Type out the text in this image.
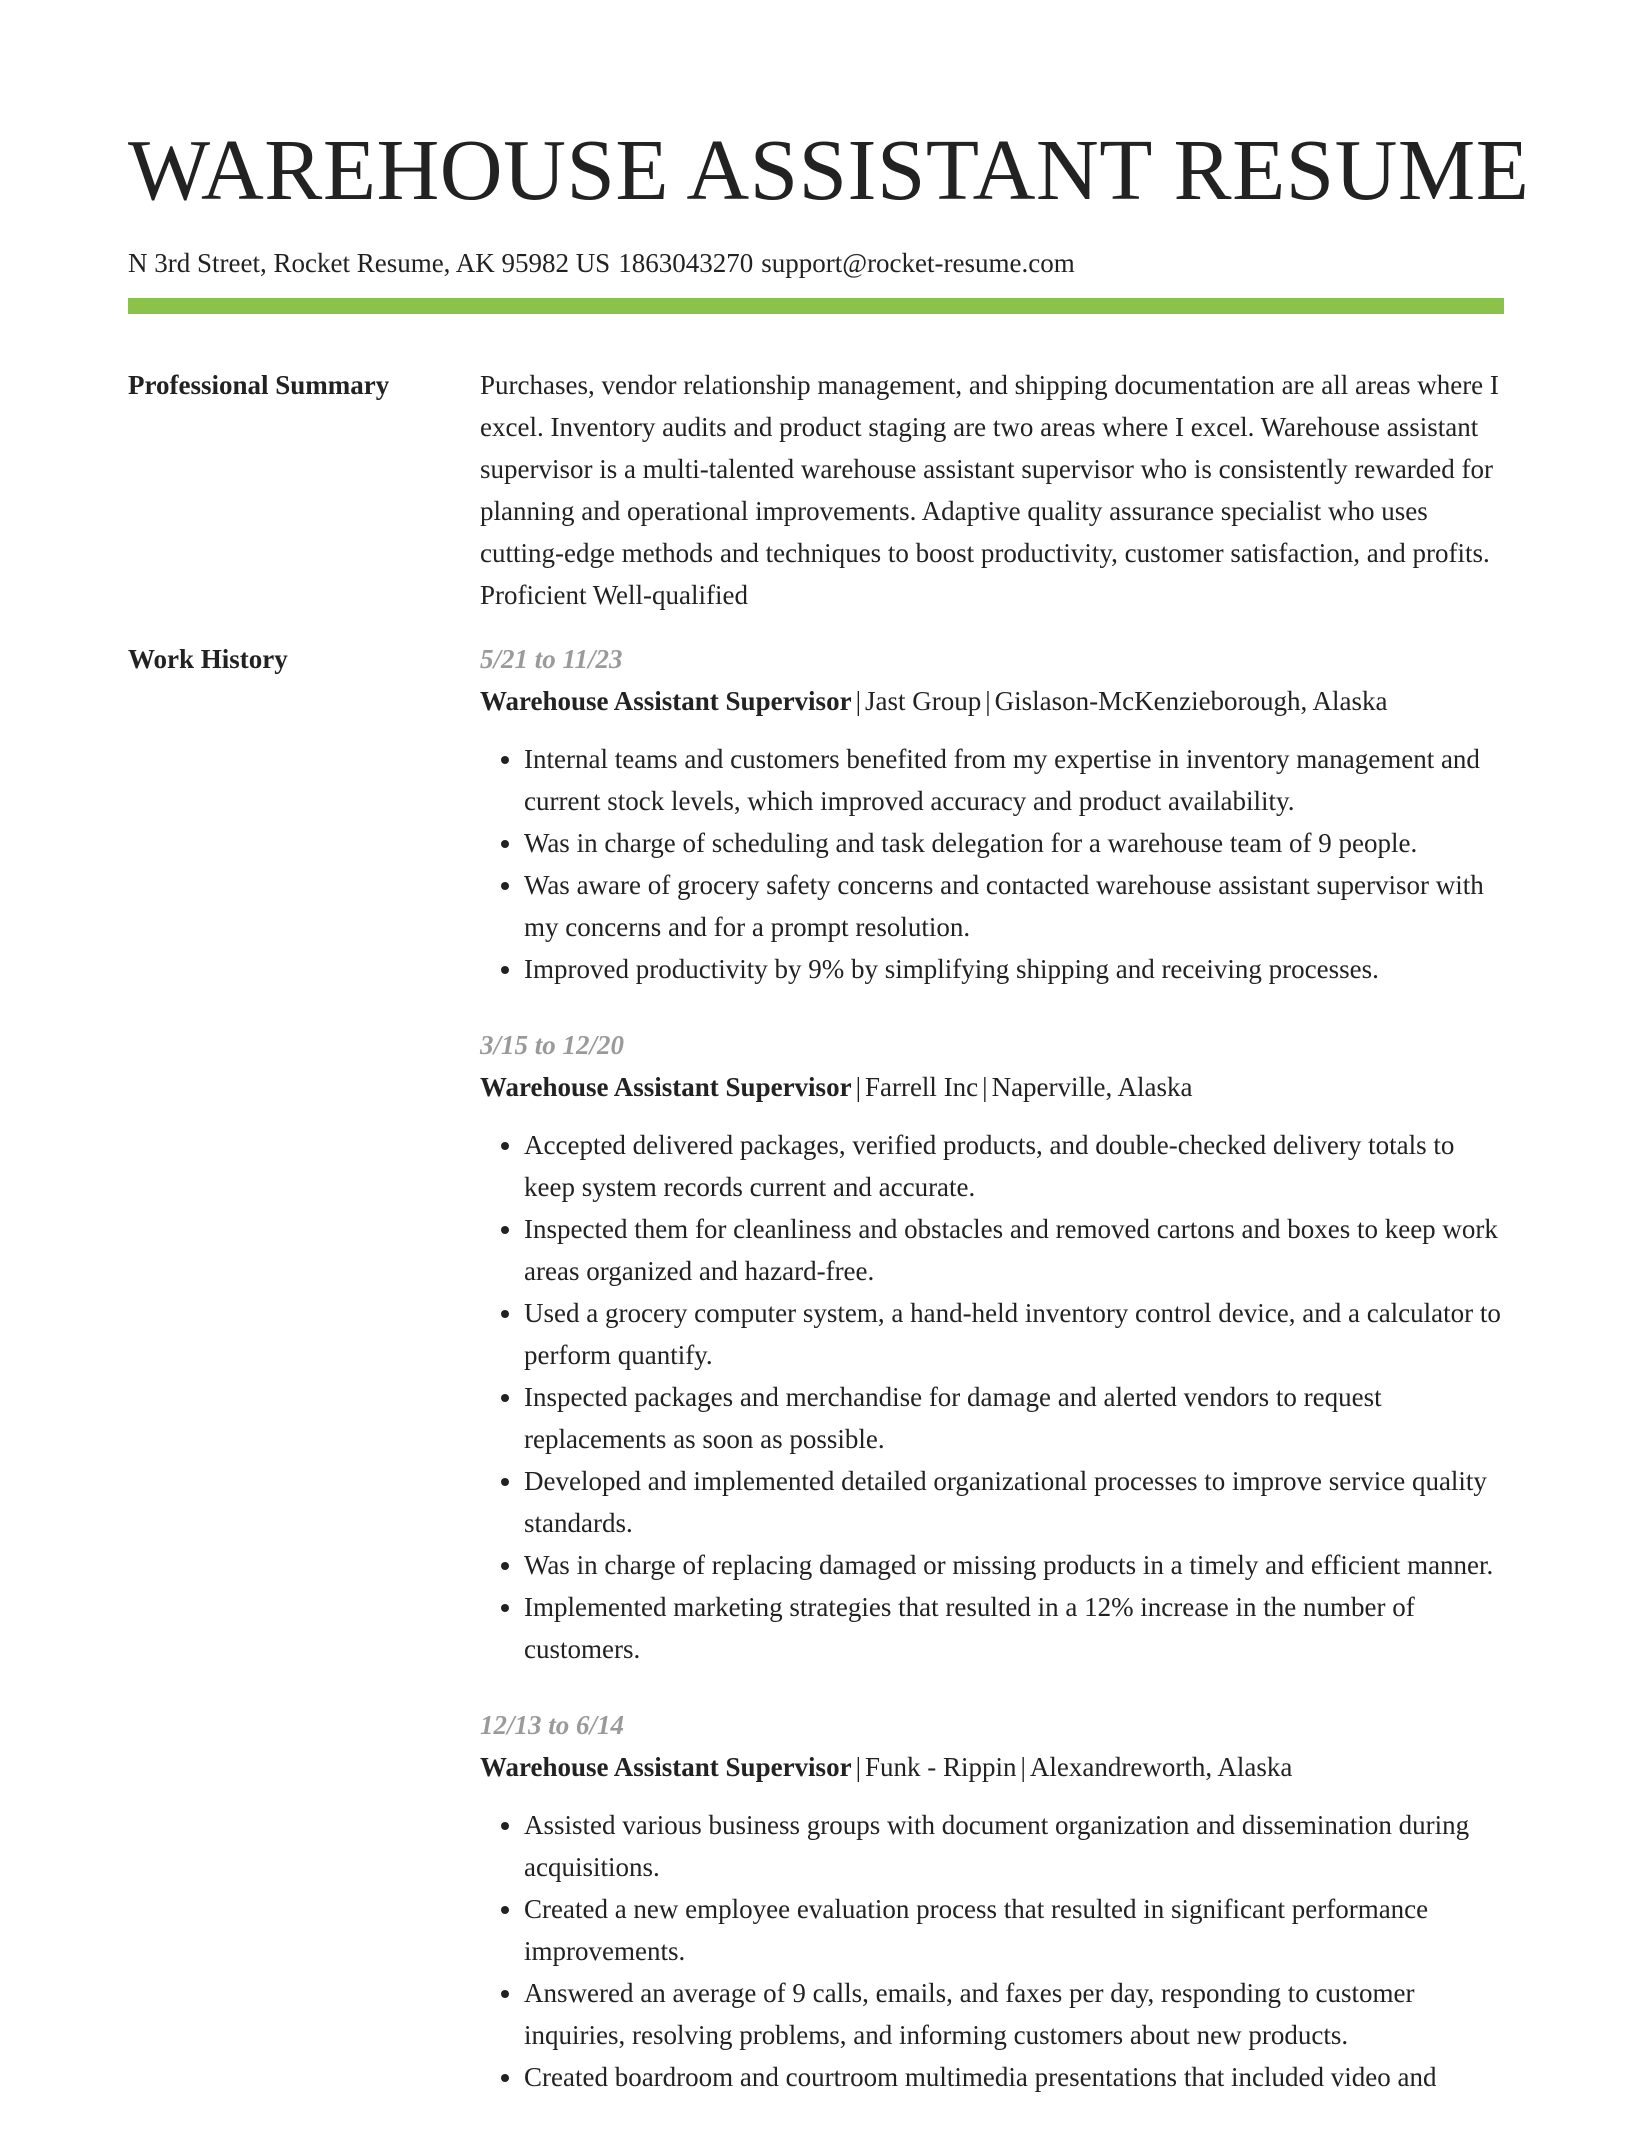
WAREHOUSE ASSISTANT RESUME
N 3rd Street, Rocket Resume, AK 95982 US 1863043270 support@rocket-resume.com
Professional Summary	Purchases, vendor relationship management, and shipping documentation are all areas where I excel. Inventory audits and product staging are two areas where I excel. Warehouse assistant supervisor is a multi-talented warehouse assistant supervisor who is consistently rewarded for planning and operational improvements. Adaptive quality assurance specialist who uses cutting-edge methods and techniques to boost productivity, customer satisfaction, and profits. Proficient Well-qualified
Work History	5/21 to 11/23
Warehouse Assistant Supervisor | Jast Group | Gislason-McKenzieborough, Alaska
• Internal teams and customers benefited from my expertise in inventory management and current stock levels, which improved accuracy and product availability.
• Was in charge of scheduling and task delegation for a warehouse team of 9 people.
• Was aware of grocery safety concerns and contacted warehouse assistant supervisor with my concerns and for a prompt resolution.
• Improved productivity by 9% by simplifying shipping and receiving processes.
3/15 to 12/20
Warehouse Assistant Supervisor | Farrell Inc | Naperville, Alaska
• Accepted delivered packages, verified products, and double-checked delivery totals to keep system records current and accurate.
• Inspected them for cleanliness and obstacles and removed cartons and boxes to keep work areas organized and hazard-free.
• Used a grocery computer system, a hand-held inventory control device, and a calculator to perform quantify.
• Inspected packages and merchandise for damage and alerted vendors to request replacements as soon as possible.
• Developed and implemented detailed organizational processes to improve service quality standards.
• Was in charge of replacing damaged or missing products in a timely and efficient manner.
• Implemented marketing strategies that resulted in a 12% increase in the number of customers.
12/13 to 6/14
Warehouse Assistant Supervisor | Funk - Rippin | Alexandreworth, Alaska
• Assisted various business groups with document organization and dissemination during acquisitions.
• Created a new employee evaluation process that resulted in significant performance improvements.
• Answered an average of 9 calls, emails, and faxes per day, responding to customer inquiries, resolving problems, and informing customers about new products.
• Created boardroom and courtroom multimedia presentations that included video and
